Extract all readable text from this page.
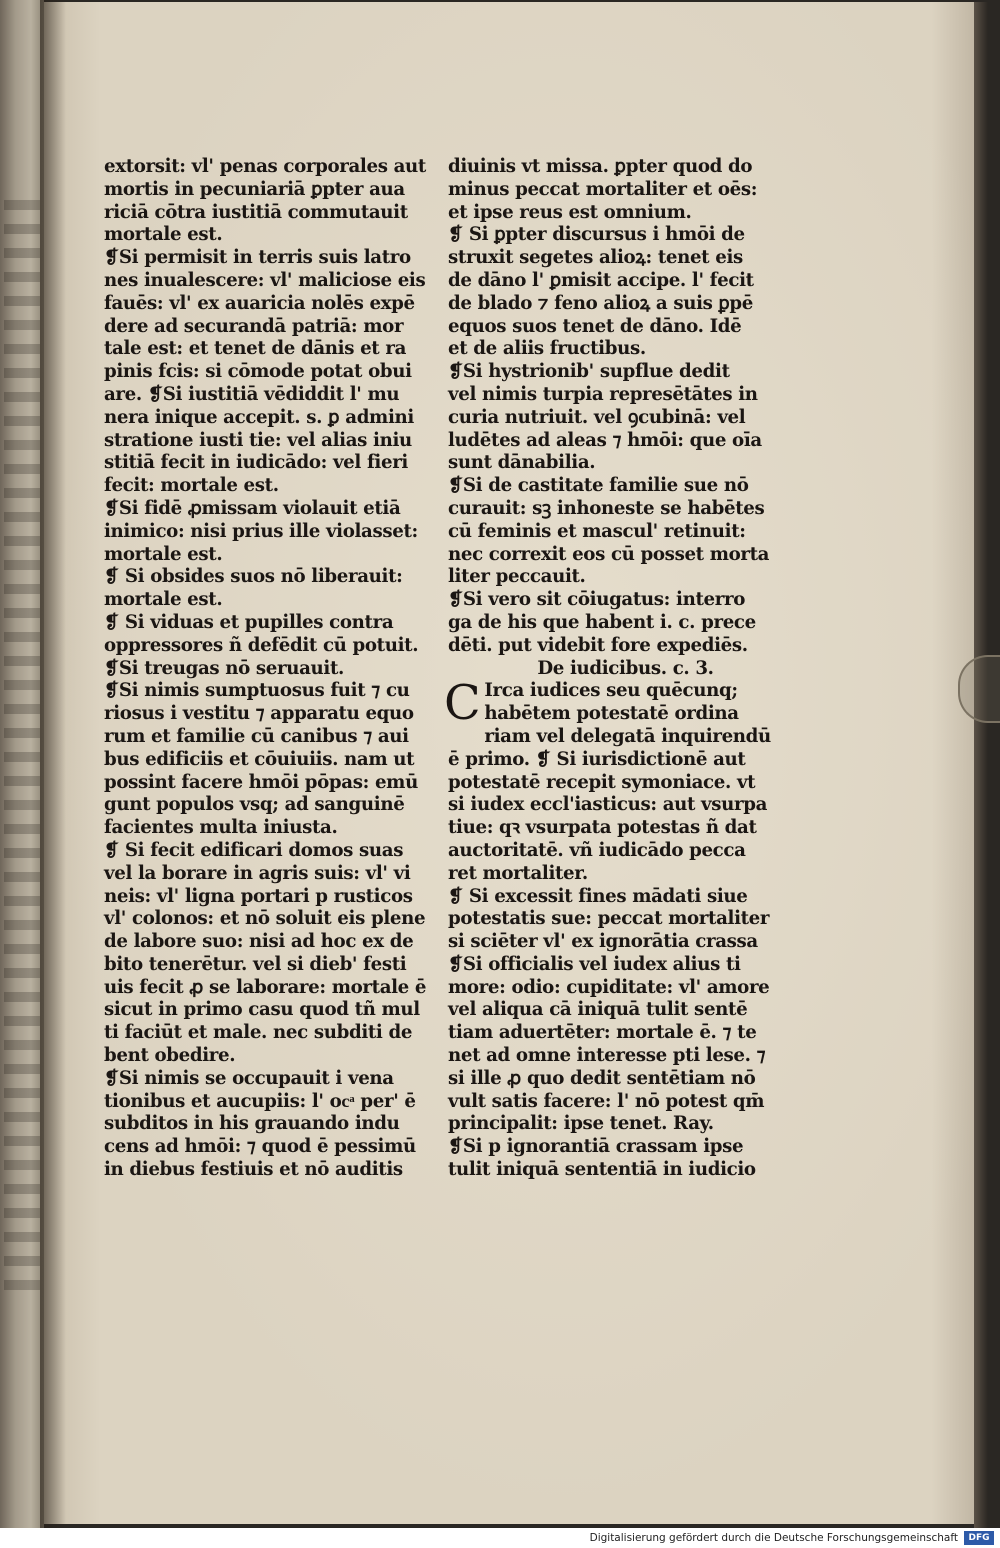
extorsit: vl' penas corporales aut
mortis in pecuniariā ꝑpter aua
riciā cōtra iustitiā commutauit
mortale est.
❡Si permisit in terris suis latro
nes inualescere: vl' maliciose eis
fauēs: vl' ex auaricia nolēs expē
dere ad securandā patriā: mor
tale est: et tenet de dānis et ra
pinis fcis: si cōmode potat obui
are. ❡Si iustitiā vēdiddit l' mu
nera inique accepit. s. ꝑ admini
stratione iusti tie: vel alias iniu
stitiā fecit in iudicādo: vel fieri
fecit: mortale est.
❡Si fidē ꝓmissam violauit etiā
inimico: nisi prius ille violasset:
mortale est.
❡ Si obsides suos nō liberauit:
mortale est.
❡ Si viduas et pupilles contra
oppressores ñ defēdit cū potuit.
❡Si treugas nō seruauit.
❡Si nimis sumptuosus fuit ⁊ cu
riosus i vestitu ⁊ apparatu equo
rum et familie cū canibus ⁊ aui
bus edificiis et cōuiuiis. nam ut
possint facere hmōi pōpas: emū
gunt populos vsq; ad sanguinē
facientes multa iniusta.
❡ Si fecit edificari domos suas
vel la borare in agris suis: vl' vi
neis: vl' ligna portari p rusticos
vl' colonos: et nō soluit eis plene
de labore suo: nisi ad hoc ex de
bito tenerētur. vel si dieb' festi
uis fecit ꝓ se laborare: mortale ē
sicut in primo casu quod tñ mul
ti faciūt et male. nec subditi de
bent obedire.
❡Si nimis se occupauit i vena
tionibus et aucupiis: l' ocͣ per' ē
subditos in his grauando indu
cens ad hmōi: ⁊ quod ē pessimū
in diebus festiuis et nō auditis
diuinis vt missa. ꝑpter quod do
minus peccat mortaliter et oēs:
et ipse reus est omnium.
❡ Si ꝑpter discursus i hmōi de
struxit segetes alioꝝ: tenet eis
de dāno l' ꝑmisit accipe. l' fecit
de blado ⁊ feno alioꝝ a suis ꝑpē
equos suos tenet de dāno. Idē
et de aliis fructibus.
❡Si hystrionib' supflue dedit
vel nimis turpia represētātes in
curia nutriuit. vel ꝯcubinā: vel
ludētes ad aleas ⁊ hmōi: que oīa
sunt dānabilia.
❡Si de castitate familie sue nō
curauit: sꝫ inhoneste se habētes
cū feminis et mascul' retinuit:
nec correxit eos cū posset morta
liter peccauit.
❡Si vero sit cōiugatus: interro
ga de his que habent i. c. prece
dēti. put videbit fore expediēs.
De iudicibus. c. 3.
C Irca iudices seu quēcunq;
habētem potestatē ordina
riam vel delegatā inquirendū
ē primo. ❡ Si iurisdictionē aut
potestatē recepit symoniace. vt
si iudex eccl'iasticus: aut vsurpa
tiue: qꝛ vsurpata potestas ñ dat
auctoritatē. vñ iudicādo pecca
ret mortaliter.
❡ Si excessit fines mādati siue
potestatis sue: peccat mortaliter
si sciēter vl' ex ignorātia crassa
❡Si officialis vel iudex alius ti
more: odio: cupiditate: vl' amore
vel aliqua cā iniquā tulit sentē
tiam aduertēter: mortale ē. ⁊ te
net ad omne interesse pti lese. ⁊
si ille ꝓ quo dedit sentētiam nō
vult satis facere: l' nō potest qm̄
principalit: ipse tenet. Ray.
❡Si p ignorantiā crassam ipse
tulit iniquā sententiā in iudicio
Digitalisierung gefördert durch die Deutsche Forschungsgemeinschaft	DFG
